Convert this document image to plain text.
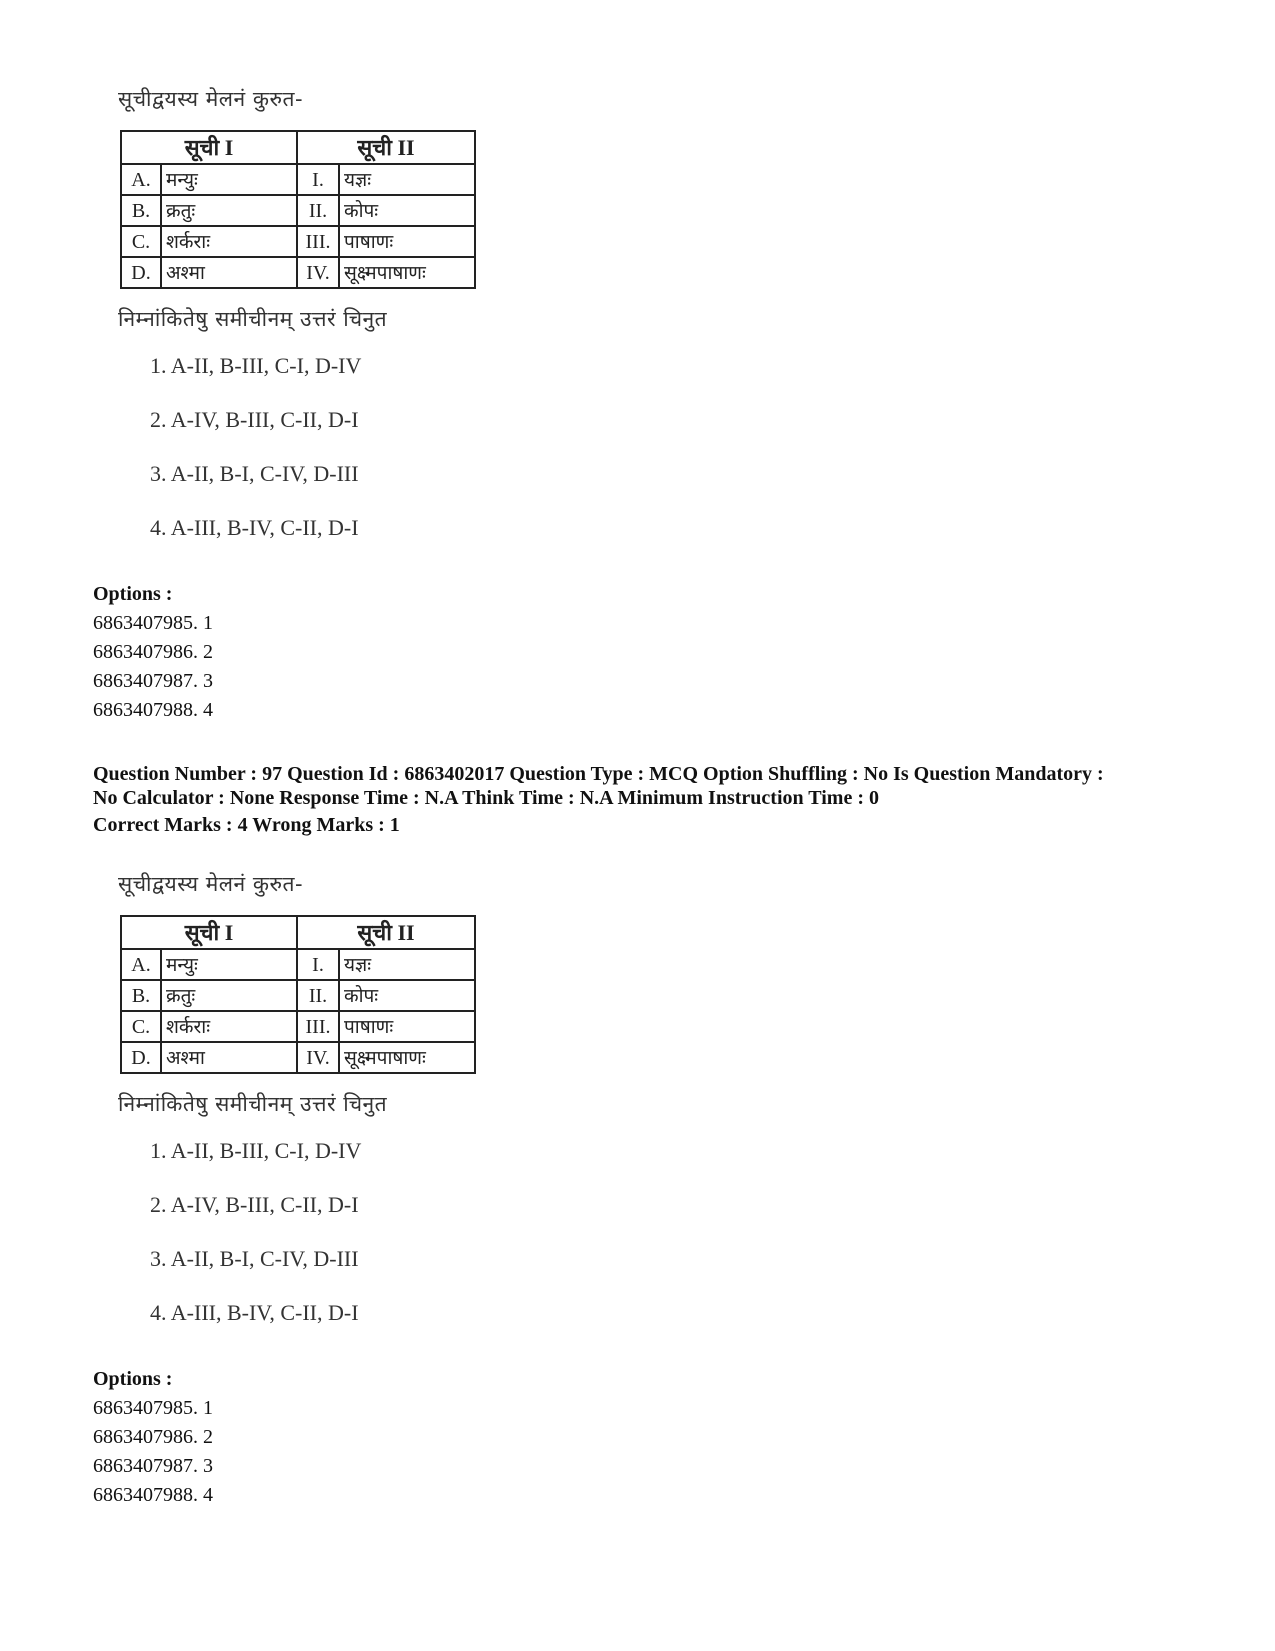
सूचीद्वयस्य मेलनं कुरुत-
सूची I		सूची II	
A.	मन्युः	I.	यज्ञः
B.	क्रतुः	II.	कोपः
C.	शर्कराः	III.	पाषाणः
D.	अश्मा	IV.	सूक्ष्मपाषाणः
निम्नांकितेषु समीचीनम् उत्तरं चिनुत
1. A-II, B-III, C-I, D-IV
2. A-IV, B-III, C-II, D-I
3. A-II, B-I, C-IV, D-III
4. A-III, B-IV, C-II, D-I
Options :
6863407985. 1
6863407986. 2
6863407987. 3
6863407988. 4
Question Number : 97 Question Id : 6863402017 Question Type : MCQ Option Shuffling : No Is Question Mandatory :
No Calculator : None Response Time : N.A Think Time : N.A Minimum Instruction Time : 0
Correct Marks : 4 Wrong Marks : 1
सूचीद्वयस्य मेलनं कुरुत-
सूची I		सूची II	
A.	मन्युः	I.	यज्ञः
B.	क्रतुः	II.	कोपः
C.	शर्कराः	III.	पाषाणः
D.	अश्मा	IV.	सूक्ष्मपाषाणः
निम्नांकितेषु समीचीनम् उत्तरं चिनुत
1. A-II, B-III, C-I, D-IV
2. A-IV, B-III, C-II, D-I
3. A-II, B-I, C-IV, D-III
4. A-III, B-IV, C-II, D-I
Options :
6863407985. 1
6863407986. 2
6863407987. 3
6863407988. 4
